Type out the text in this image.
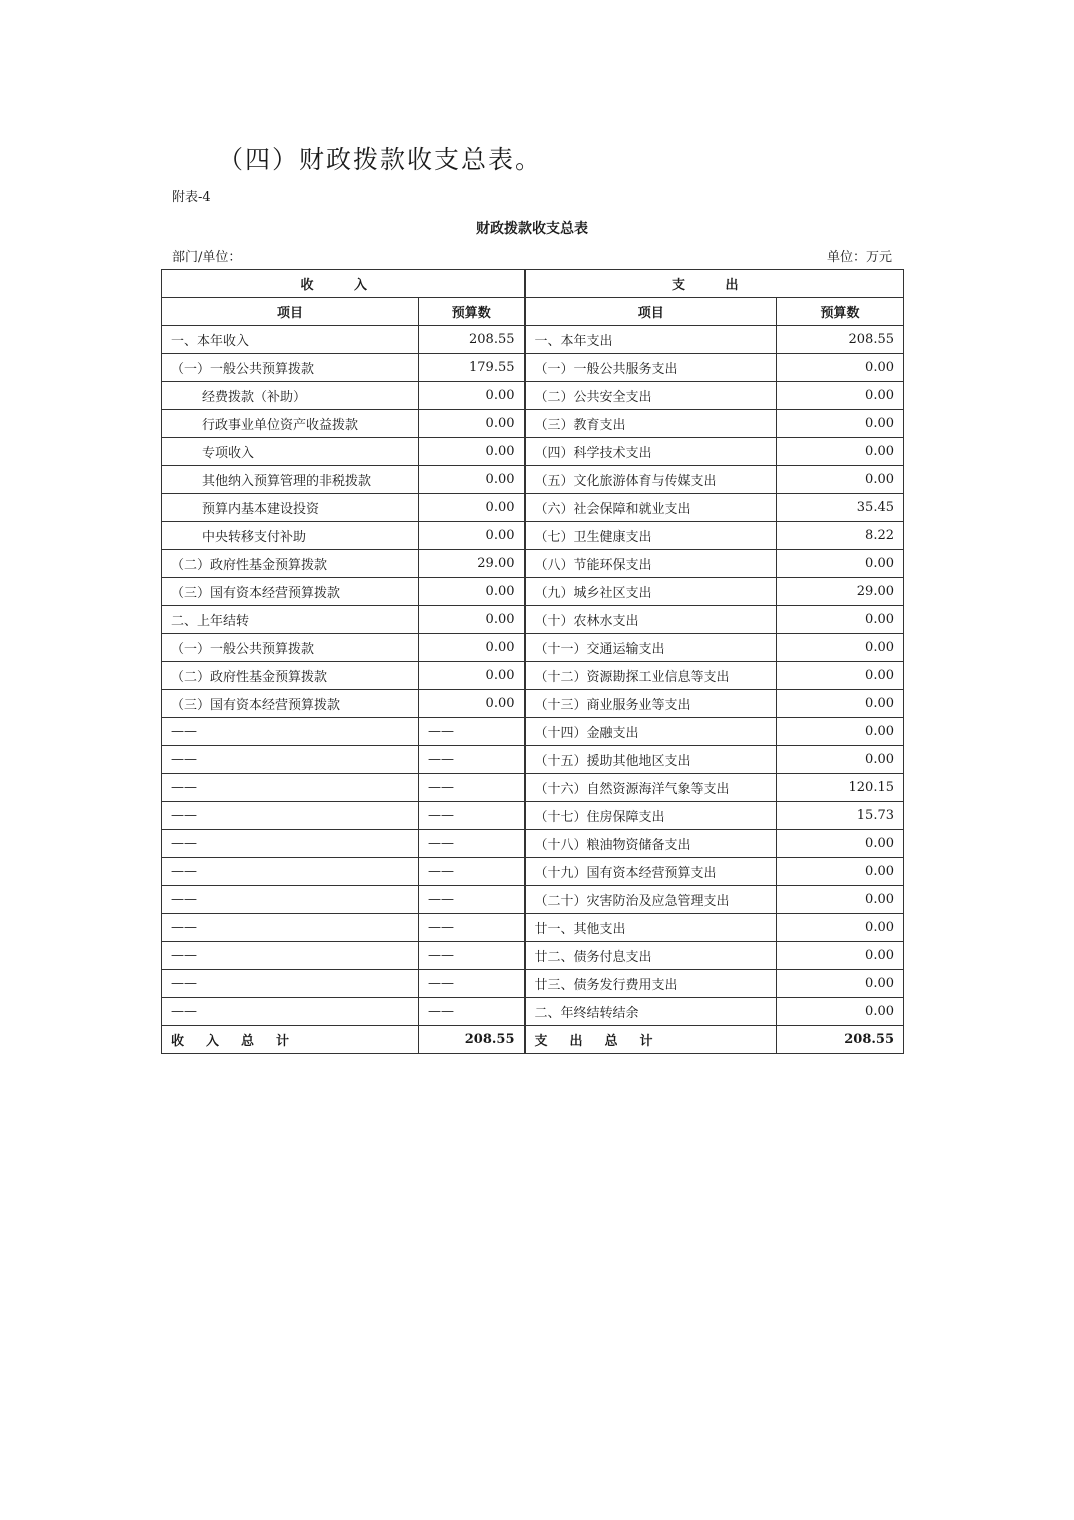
（四）财政拨款收支总表。
附表-4
财政拨款收支总表
部门/单位：	单位：万元
收 入		支 出	
项目	预算数	项目	预算数
一、本年收入	208.55	一、本年支出	208.55
（一）一般公共预算拨款	179.55	（一）一般公共服务支出	0.00
经费拨款（补助）	0.00	（二）公共安全支出	0.00
行政事业单位资产收益拨款	0.00	（三）教育支出	0.00
专项收入	0.00	（四）科学技术支出	0.00
其他纳入预算管理的非税拨款	0.00	（五）文化旅游体育与传媒支出	0.00
预算内基本建设投资	0.00	（六）社会保障和就业支出	35.45
中央转移支付补助	0.00	（七）卫生健康支出	8.22
（二）政府性基金预算拨款	29.00	（八）节能环保支出	0.00
（三）国有资本经营预算拨款	0.00	（九）城乡社区支出	29.00
二、上年结转	0.00	（十）农林水支出	0.00
（一）一般公共预算拨款	0.00	（十一）交通运输支出	0.00
（二）政府性基金预算拨款	0.00	（十二）资源勘探工业信息等支出	0.00
（三）国有资本经营预算拨款	0.00	（十三）商业服务业等支出	0.00
——	——	（十四）金融支出	0.00
——	——	（十五）援助其他地区支出	0.00
——	——	（十六）自然资源海洋气象等支出	120.15
——	——	（十七）住房保障支出	15.73
——	——	（十八）粮油物资储备支出	0.00
——	——	（十九）国有资本经营预算支出	0.00
——	——	（二十）灾害防治及应急管理支出	0.00
——	——	廿一、其他支出	0.00
——	——	廿二、债务付息支出	0.00
——	——	廿三、债务发行费用支出	0.00
——	——	二、年终结转结余	0.00
收入总计	208.55	支出总计	208.55
